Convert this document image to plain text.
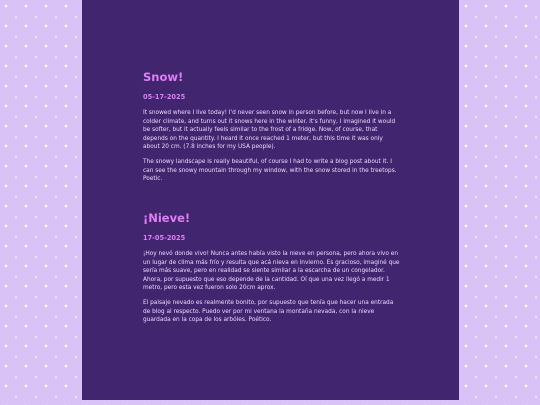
Snow!
05-17-2025

It snowed where I live today! I'd never seen snow in person before, but now I live in a colder climate, and turns out it snows here in the winter. It's funny, I imagined it would be softer, but it actually feels similar to the frost of a fridge. Now, of course, that depends on the quantity. I heard it once reached 1 meter, but this time it was only about 20 cm. (7.8 inches for my USA people).

The snowy landscape is really beautiful, of course I had to write a blog post about it. I can see the snowy mountain through my window, with the snow stored in the treetops. Poetic.

¡Nieve!
17-05-2025

¡Hoy nevó donde vivo! Nunca antes había visto la nieve en persona, pero ahora vivo en un lugar de clima más frío y resulta que acá nieva en invierno. Es gracioso, imaginé que sería más suave, pero en realidad se siente similar a la escarcha de un congelador. Ahora, por supuesto que eso depende de la cantidad. Oí que una vez llegó a medir 1 metro, pero esta vez fueron solo 20cm aprox.

El paisaje nevado es realmente bonito, por supuesto que tenía que hacer una entrada de blog al respecto. Puedo ver por mi ventana la montaña nevada, con la nieve guardada en la copa de los arbóles. Poético.
